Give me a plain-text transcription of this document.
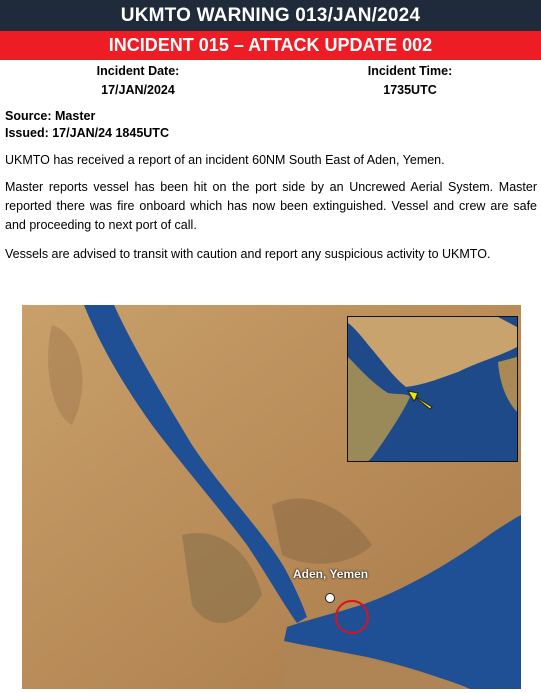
UKMTO WARNING 013/JAN/2024
INCIDENT 015 – ATTACK UPDATE 002
Incident Date:
17/JAN/2024
Incident Time:
1735UTC
Source: Master
Issued: 17/JAN/24 1845UTC
UKMTO has received a report of an incident 60NM South East of Aden, Yemen.
Master reports vessel has been hit on the port side by an Uncrewed Aerial System. Master reported there was fire onboard which has now been extinguished. Vessel and crew are safe and proceeding to next port of call.
Vessels are advised to transit with caution and report any suspicious activity to UKMTO.
Aden, Yemen
